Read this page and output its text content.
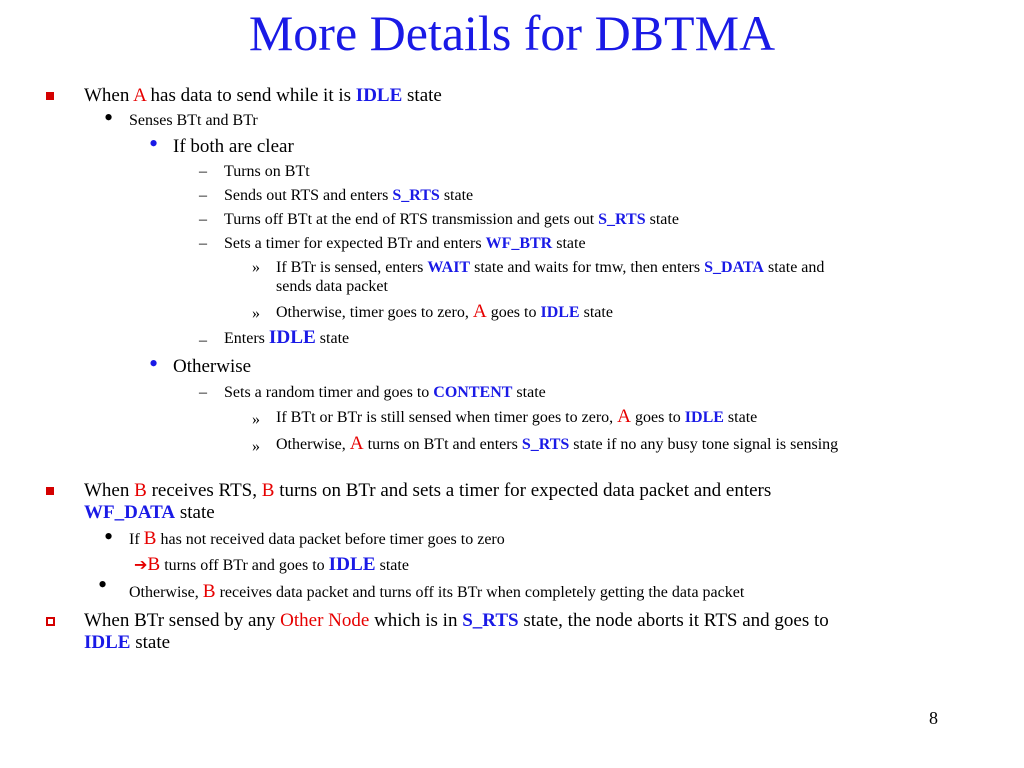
More Details for DBTMA
When A has data to send while it is IDLE state
• Senses BTt and BTr
• If both are clear
– Turns on BTt
– Sends out RTS and enters S_RTS state
– Turns off BTt at the end of RTS transmission and gets out S_RTS state
– Sets a timer for expected BTr and enters WF_BTR state
» If BTr is sensed, enters WAIT state and waits for tmw, then enters S_DATA state and
sends data packet
» Otherwise, timer goes to zero, A goes to IDLE state
– Enters IDLE state
• Otherwise
– Sets a random timer and goes to CONTENT state
» If BTt or BTr is still sensed when timer goes to zero, A goes to IDLE state
» Otherwise, A turns on BTt and enters S_RTS state if no any busy tone signal is sensing
When B receives RTS, B turns on BTr and sets a timer for expected data packet and enters
WF_DATA state
• If B has not received data packet before timer goes to zero
➔B turns off BTr and goes to IDLE state
• Otherwise, B receives data packet and turns off its BTr when completely getting the data packet
When BTr sensed by any Other Node which is in S_RTS state, the node aborts it RTS and goes to
IDLE state
8
